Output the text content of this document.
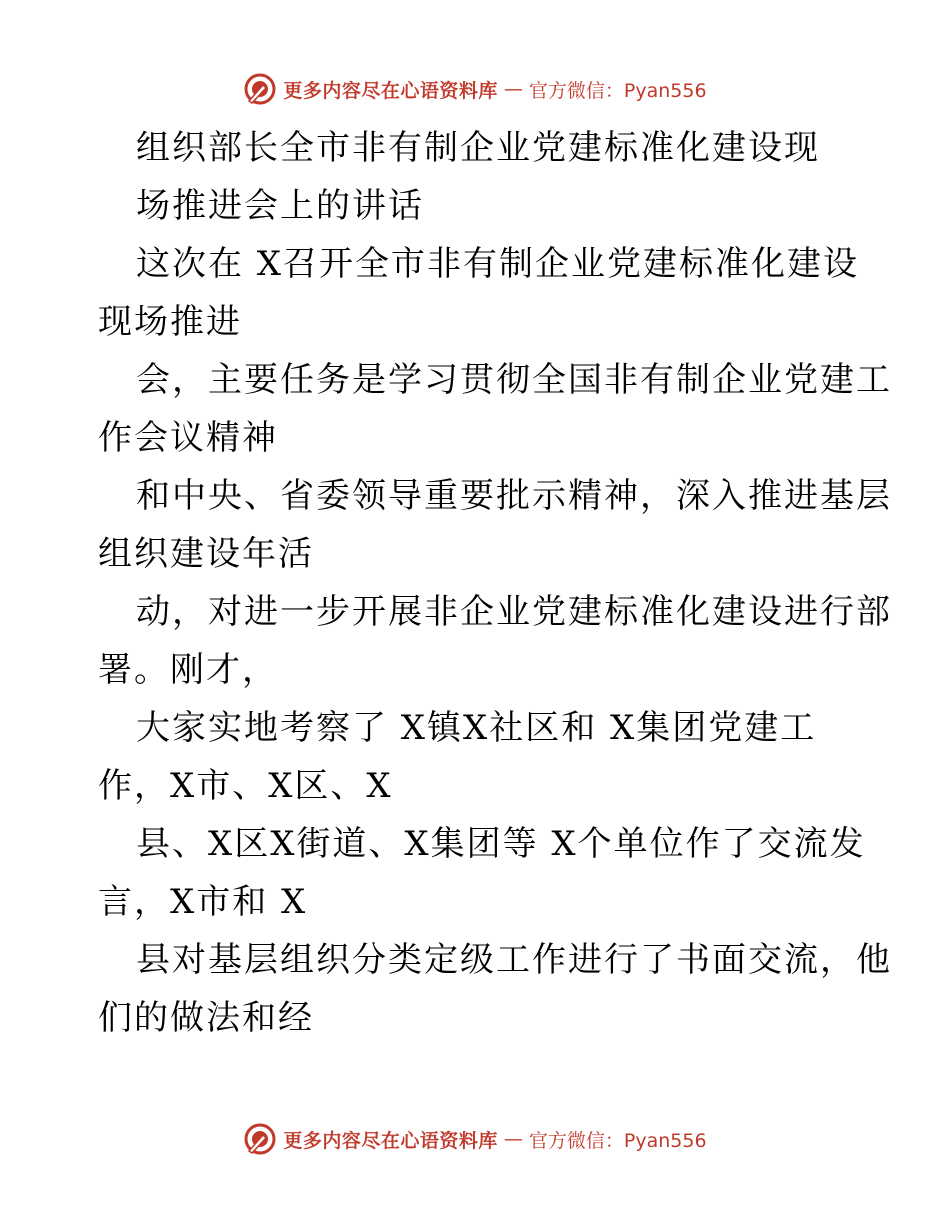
更多内容尽在心语资料库 — 官方微信：Pyan556
组织部长全市非有制企业党建标准化建设现
场推进会上的讲话
这次在 X召开全市非有制企业党建标准化建设
现场推进
会，主要任务是学习贯彻全国非有制企业党建工
作会议精神
和中央、省委领导重要批示精神，深入推进基层
组织建设年活
动，对进一步开展非企业党建标准化建设进行部
署。刚才，
大家实地考察了 X镇X社区和 X集团党建工
作，X市、X区、X
县、X区X街道、X集团等 X个单位作了交流发
言，X市和 X
县对基层组织分类定级工作进行了书面交流，他
们的做法和经
更多内容尽在心语资料库 — 官方微信：Pyan556
